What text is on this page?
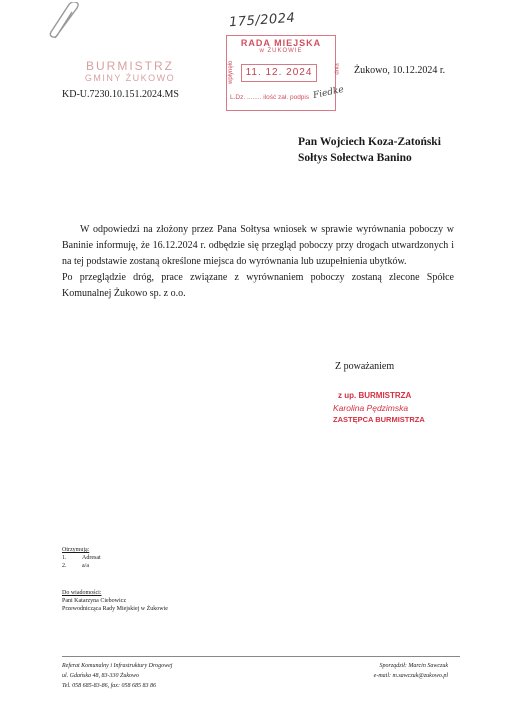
175/2024
BURMISTRZ
GMINY ŻUKOWO
KD-U.7230.10.151.2024.MS
RADA MIEJSKA
w ŻUKOWIE
wpłynęło	dnia
11. 12. 2024
L.Dz. ........ ilość zał. podpis Fiedke
Żukowo, 10.12.2024 r.
Pan Wojciech Koza-Zatoński
Sołtys Sołectwa Banino

W odpowiedzi na złożony przez Pana Sołtysa wniosek w sprawie wyrównania poboczy w Baninie informuję, że 16.12.2024 r. odbędzie się przegląd poboczy przy drogach utwardzonych i na tej podstawie zostaną określone miejsca do wyrównania lub uzupełnienia ubytków.

Po przeglądzie dróg, prace związane z wyrównaniem poboczy zostaną zlecone Spółce Komunalnej Żukowo sp. z o.o.

Z poważaniem
z up. BURMISTRZA
Karolina Pędzimska
ZASTĘPCA BURMISTRZA
Otrzymują:
1.	Adresat
2.	a/a
Do wiadomości:
Pani Katarzyna Ciebowicz
Przewodnicząca Rady Miejskiej w Żukowie
Referat Komunalny i Infrastruktury Drogowej
ul. Gdańska 48, 83-330 Żukowo
Tel. 058 685-83-86, fax: 058 685 83 86
Sporządził: Marcin Sawczuk
e-mail: m.sawczuk@zukowo.pl
